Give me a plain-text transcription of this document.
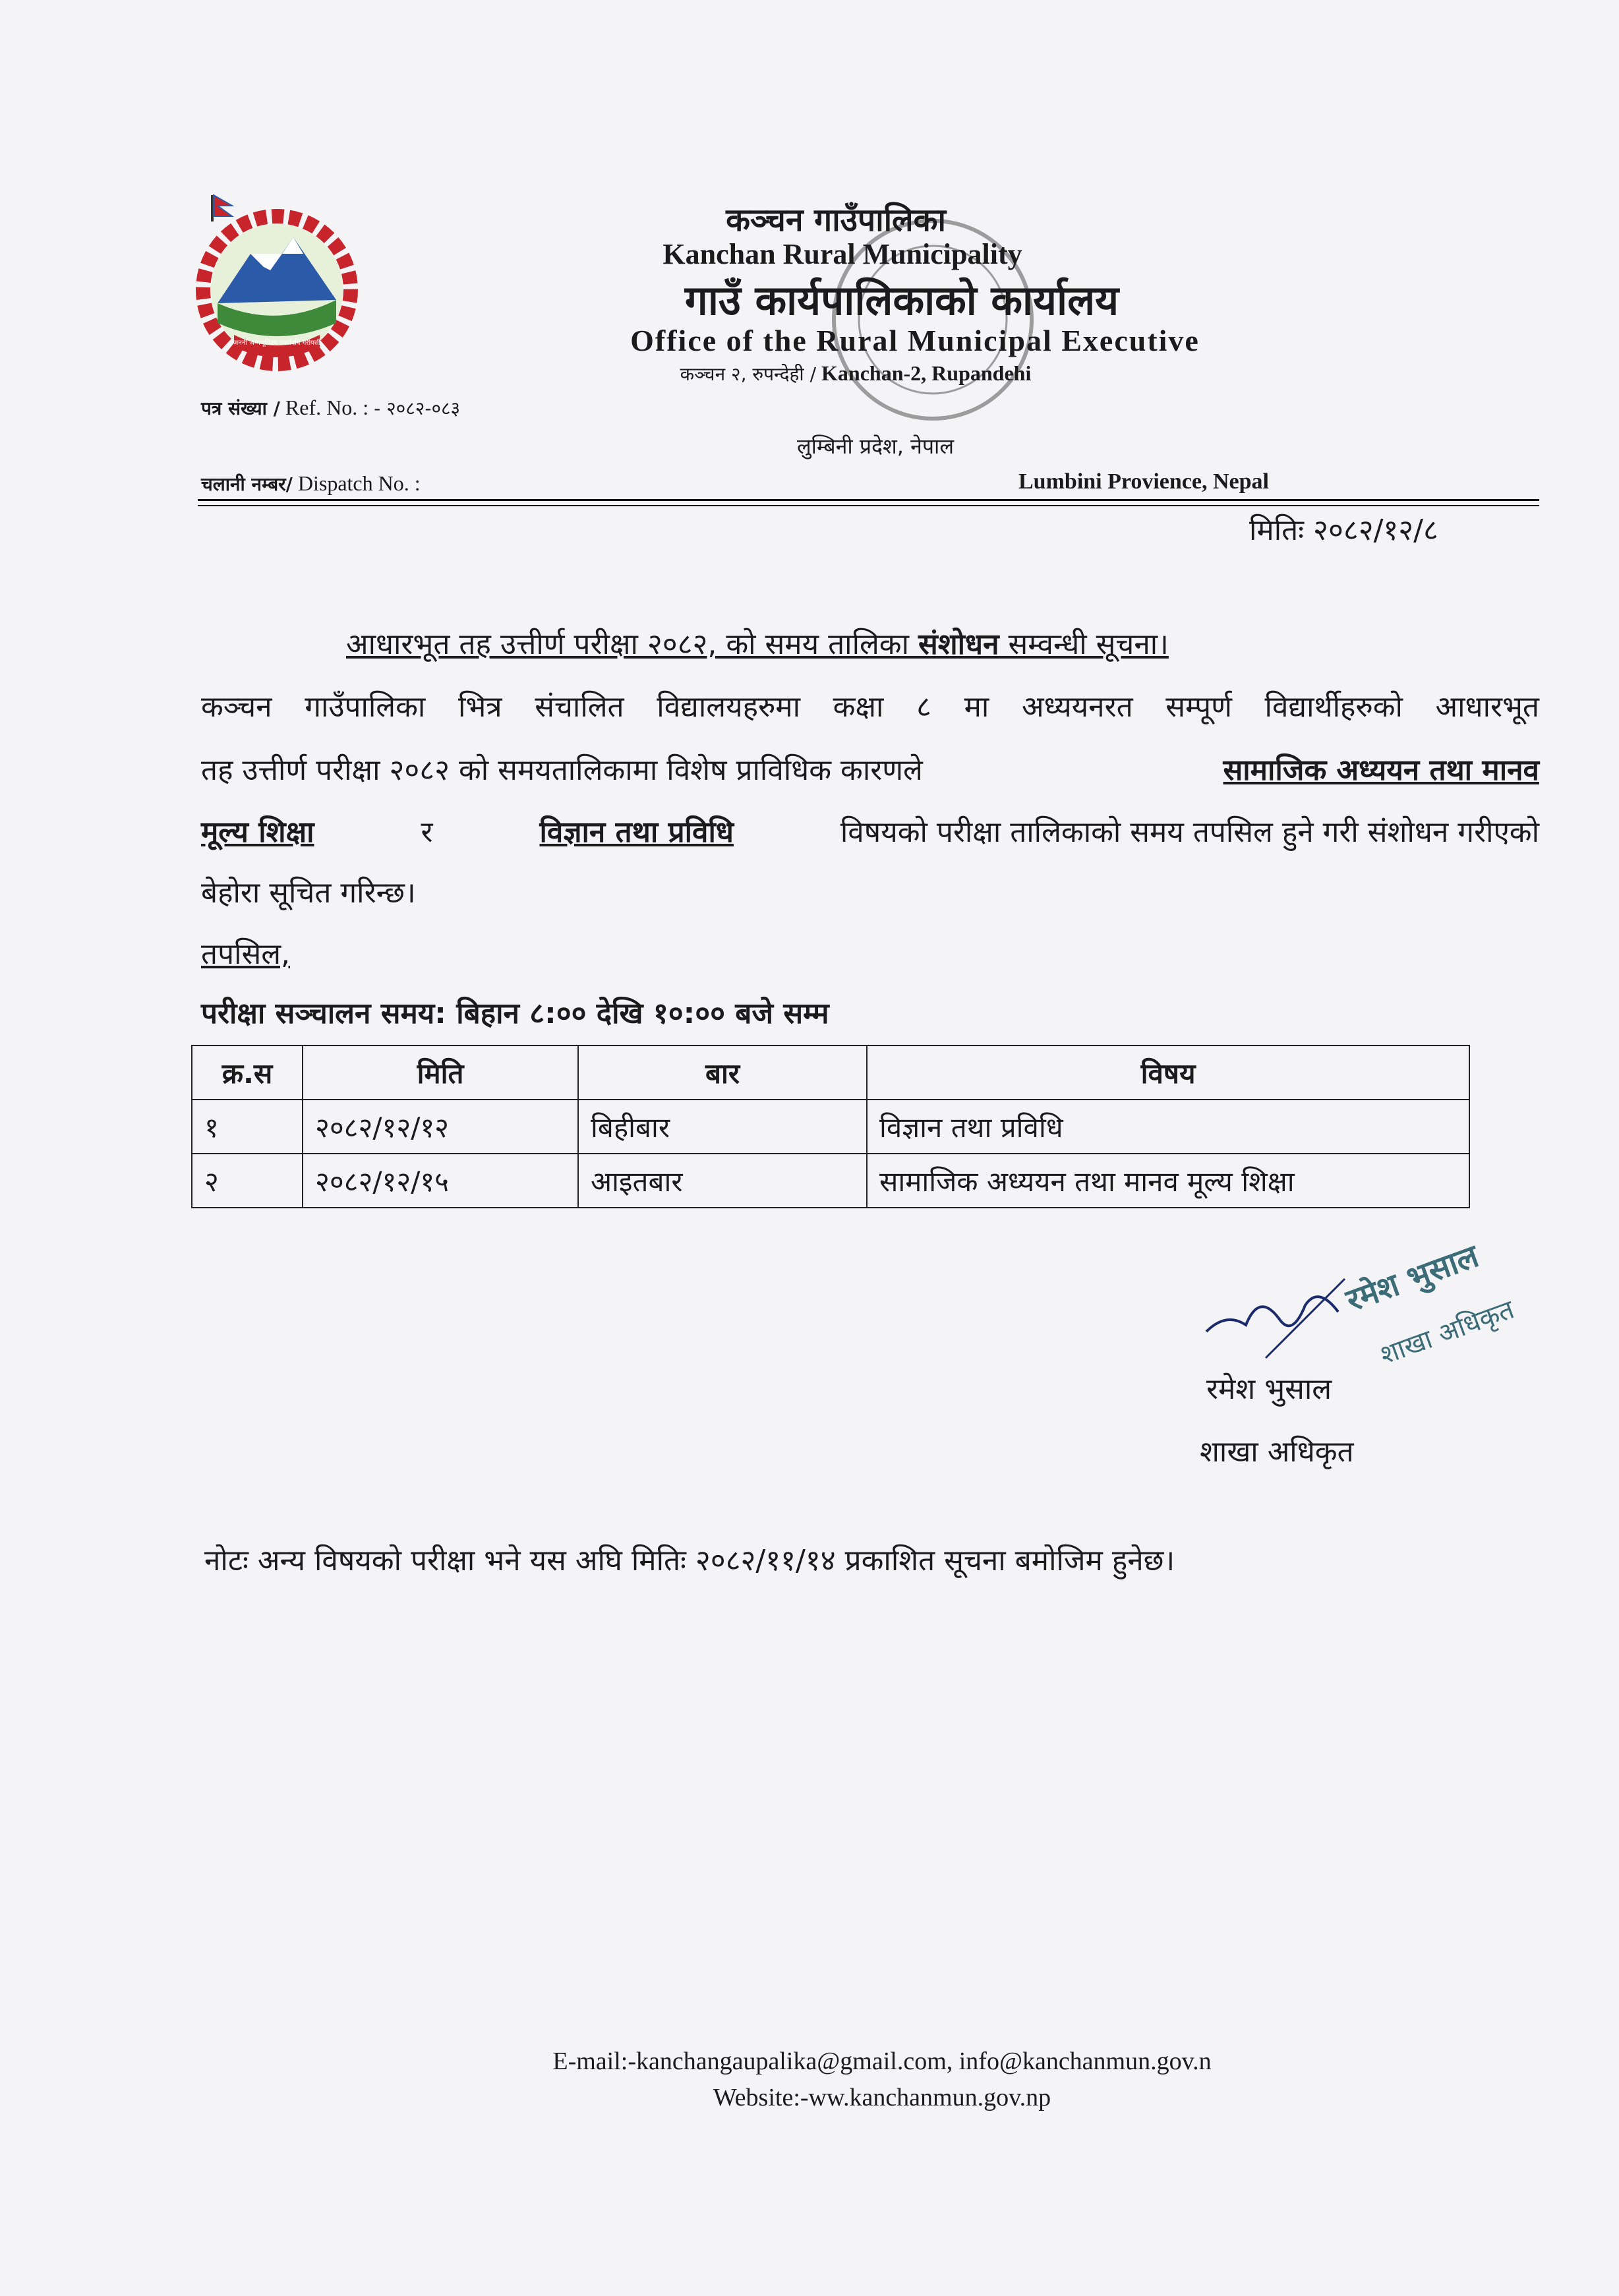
जननी जन्मभूमिश्च स्वर्गादपि गरीयसी
कञ्चन गाउँपालिका
Kanchan Rural Municipality
गाउँ कार्यपालिकाको कार्यालय
Office of the Rural Municipal Executive
कञ्चन २, रुपन्देही / Kanchan-2, Rupandehi
लुम्बिनी प्रदेश, नेपाल
पत्र संख्या / Ref. No. : - २०८२-०८३
चलानी नम्बर/ Dispatch No. :	Lumbini Provience, Nepal
मितिः २०८२/१२/८
आधारभूत तह उत्तीर्ण परीक्षा २०८२, को समय तालिका संशोधन सम्वन्धी सूचना।
कञ्चन गाउँपालिका भित्र संचालित विद्यालयहरुमा कक्षा ८ मा अध्ययनरत सम्पूर्ण विद्यार्थीहरुको आधारभूत
तह उत्तीर्ण परीक्षा २०८२ को समयतालिकामा विशेष प्राविधिक कारणले	सामाजिक अध्ययन तथा मानव
मूल्य शिक्षा	र	विज्ञान तथा प्रविधि	विषयको परीक्षा तालिकाको समय तपसिल हुने गरी संशोधन गरीएको
बेहोरा सूचित गरिन्छ।
तपसिल,
परीक्षा सञ्चालन समय: बिहान ८:०० देखि १०:०० बजे सम्म
क्र.स	मिति	बार	विषय
१	२०८२/१२/१२	बिहीबार	विज्ञान तथा प्रविधि
२	२०८२/१२/१५	आइतबार	सामाजिक अध्ययन तथा मानव मूल्य शिक्षा
रमेश भुसाल
शाखा अधिकृत
रमेश भुसाल
शाखा अधिकृत
नोटः अन्य विषयको परीक्षा भने यस अघि मितिः २०८२/११/१४ प्रकाशित सूचना बमोजिम हुनेछ।
E-mail:-kanchangaupalika@gmail.com, info@kanchanmun.gov.n
Website:-ww.kanchanmun.gov.np
